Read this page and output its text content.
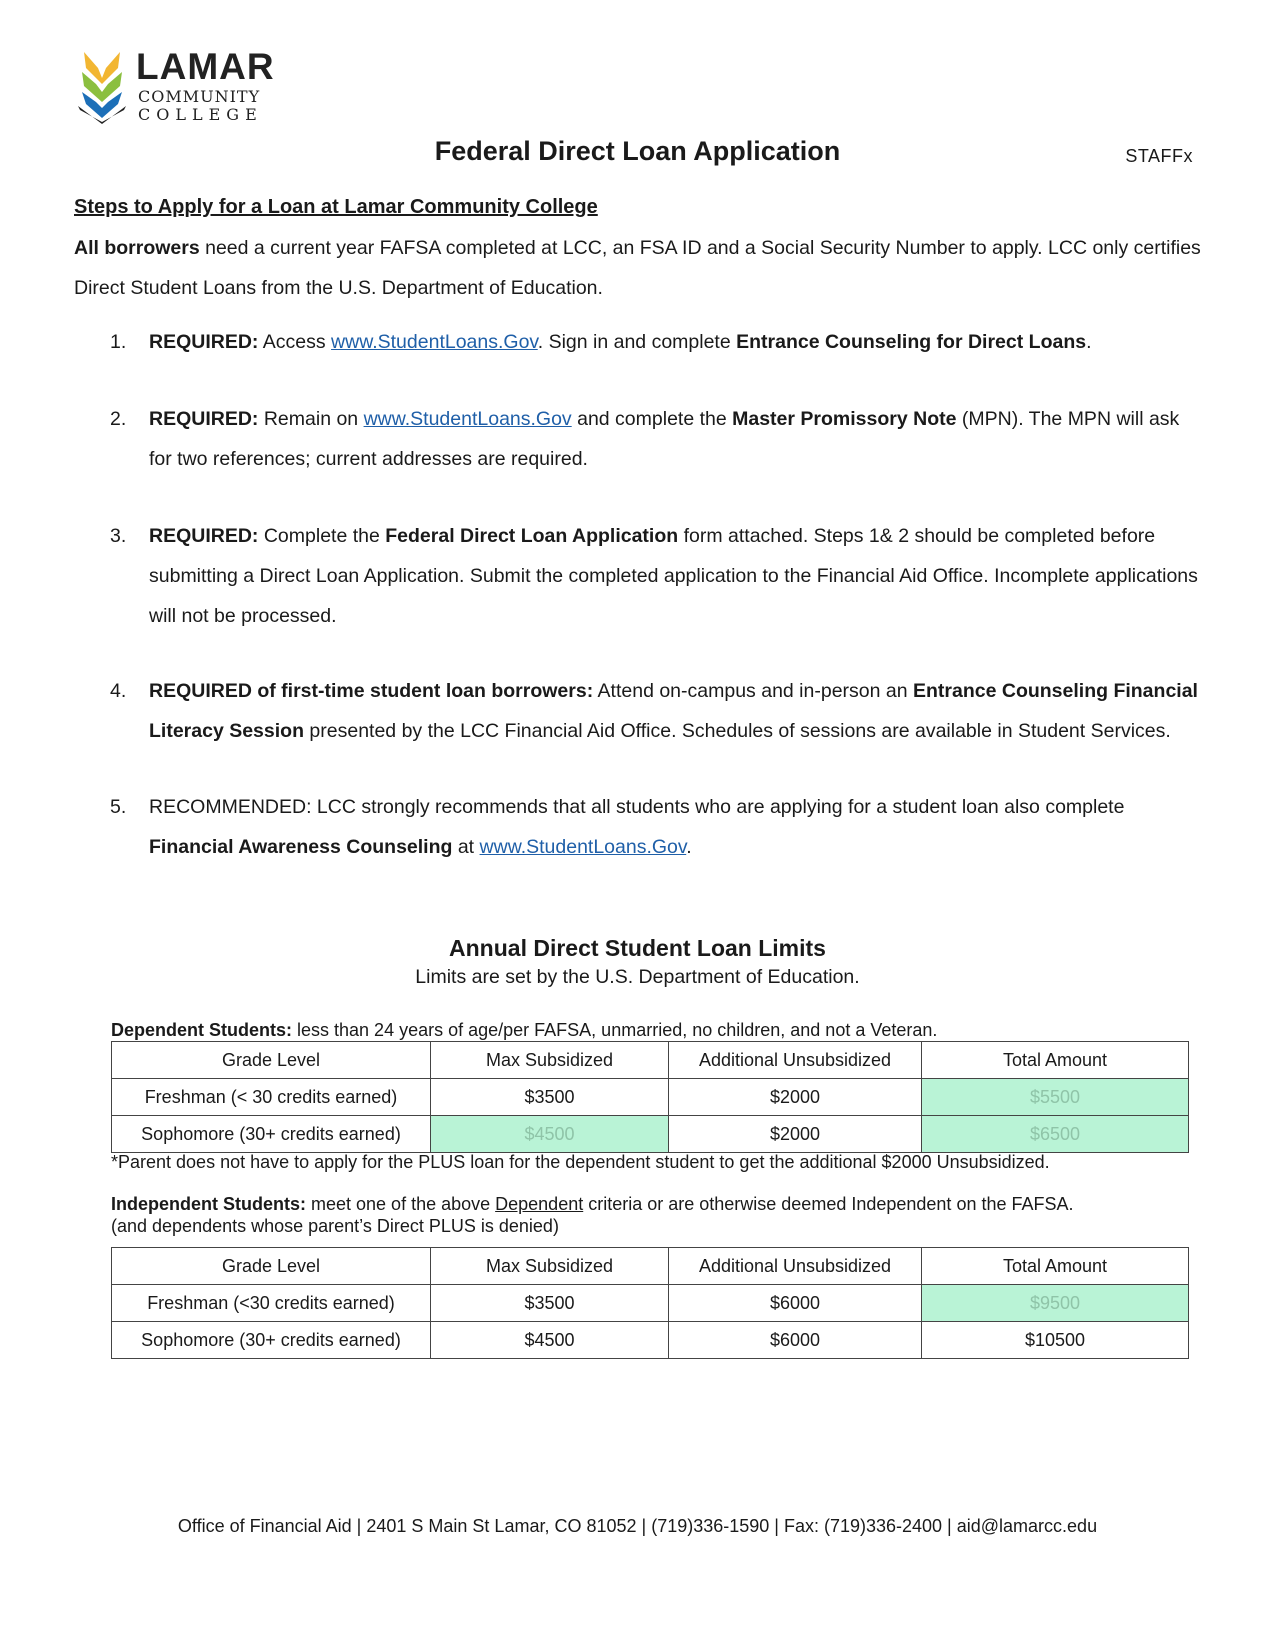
LAMAR
COMMUNITY
COLLEGE
Federal Direct Loan Application	STAFFx
Steps to Apply for a Loan at Lamar Community College
All borrowers need a current year FAFSA completed at LCC, an FSA ID and a Social Security Number to apply. LCC only certifies Direct Student Loans from the U.S. Department of Education.
1.	REQUIRED: Access www.StudentLoans.Gov. Sign in and complete Entrance Counseling for Direct Loans.
2.	REQUIRED: Remain on www.StudentLoans.Gov and complete the Master Promissory Note (MPN). The MPN will ask for two references; current addresses are required.
3.	REQUIRED: Complete the Federal Direct Loan Application form attached. Steps 1& 2 should be completed before submitting a Direct Loan Application. Submit the completed application to the Financial Aid Office. Incomplete applications will not be processed.
4.	REQUIRED of first-time student loan borrowers: Attend on-campus and in-person an Entrance Counseling Financial Literacy Session presented by the LCC Financial Aid Office. Schedules of sessions are available in Student Services.
5.	RECOMMENDED: LCC strongly recommends that all students who are applying for a student loan also complete Financial Awareness Counseling at www.StudentLoans.Gov.
Annual Direct Student Loan Limits
Limits are set by the U.S. Department of Education.
Dependent Students: less than 24 years of age/per FAFSA, unmarried, no children, and not a Veteran.
Grade Level	Max Subsidized	Additional Unsubsidized	Total Amount
Freshman (< 30 credits earned)	$3500	$2000	$5500
Sophomore (30+ credits earned)	$4500	$2000	$6500
*Parent does not have to apply for the PLUS loan for the dependent student to get the additional $2000 Unsubsidized.
Independent Students: meet one of the above Dependent criteria or are otherwise deemed Independent on the FAFSA.
(and dependents whose parent’s Direct PLUS is denied)
Grade Level	Max Subsidized	Additional Unsubsidized	Total Amount
Freshman (<30 credits earned)	$3500	$6000	$9500
Sophomore (30+ credits earned)	$4500	$6000	$10500
Office of Financial Aid | 2401 S Main St Lamar, CO 81052 | (719)336-1590 | Fax: (719)336-2400 | aid@lamarcc.edu
